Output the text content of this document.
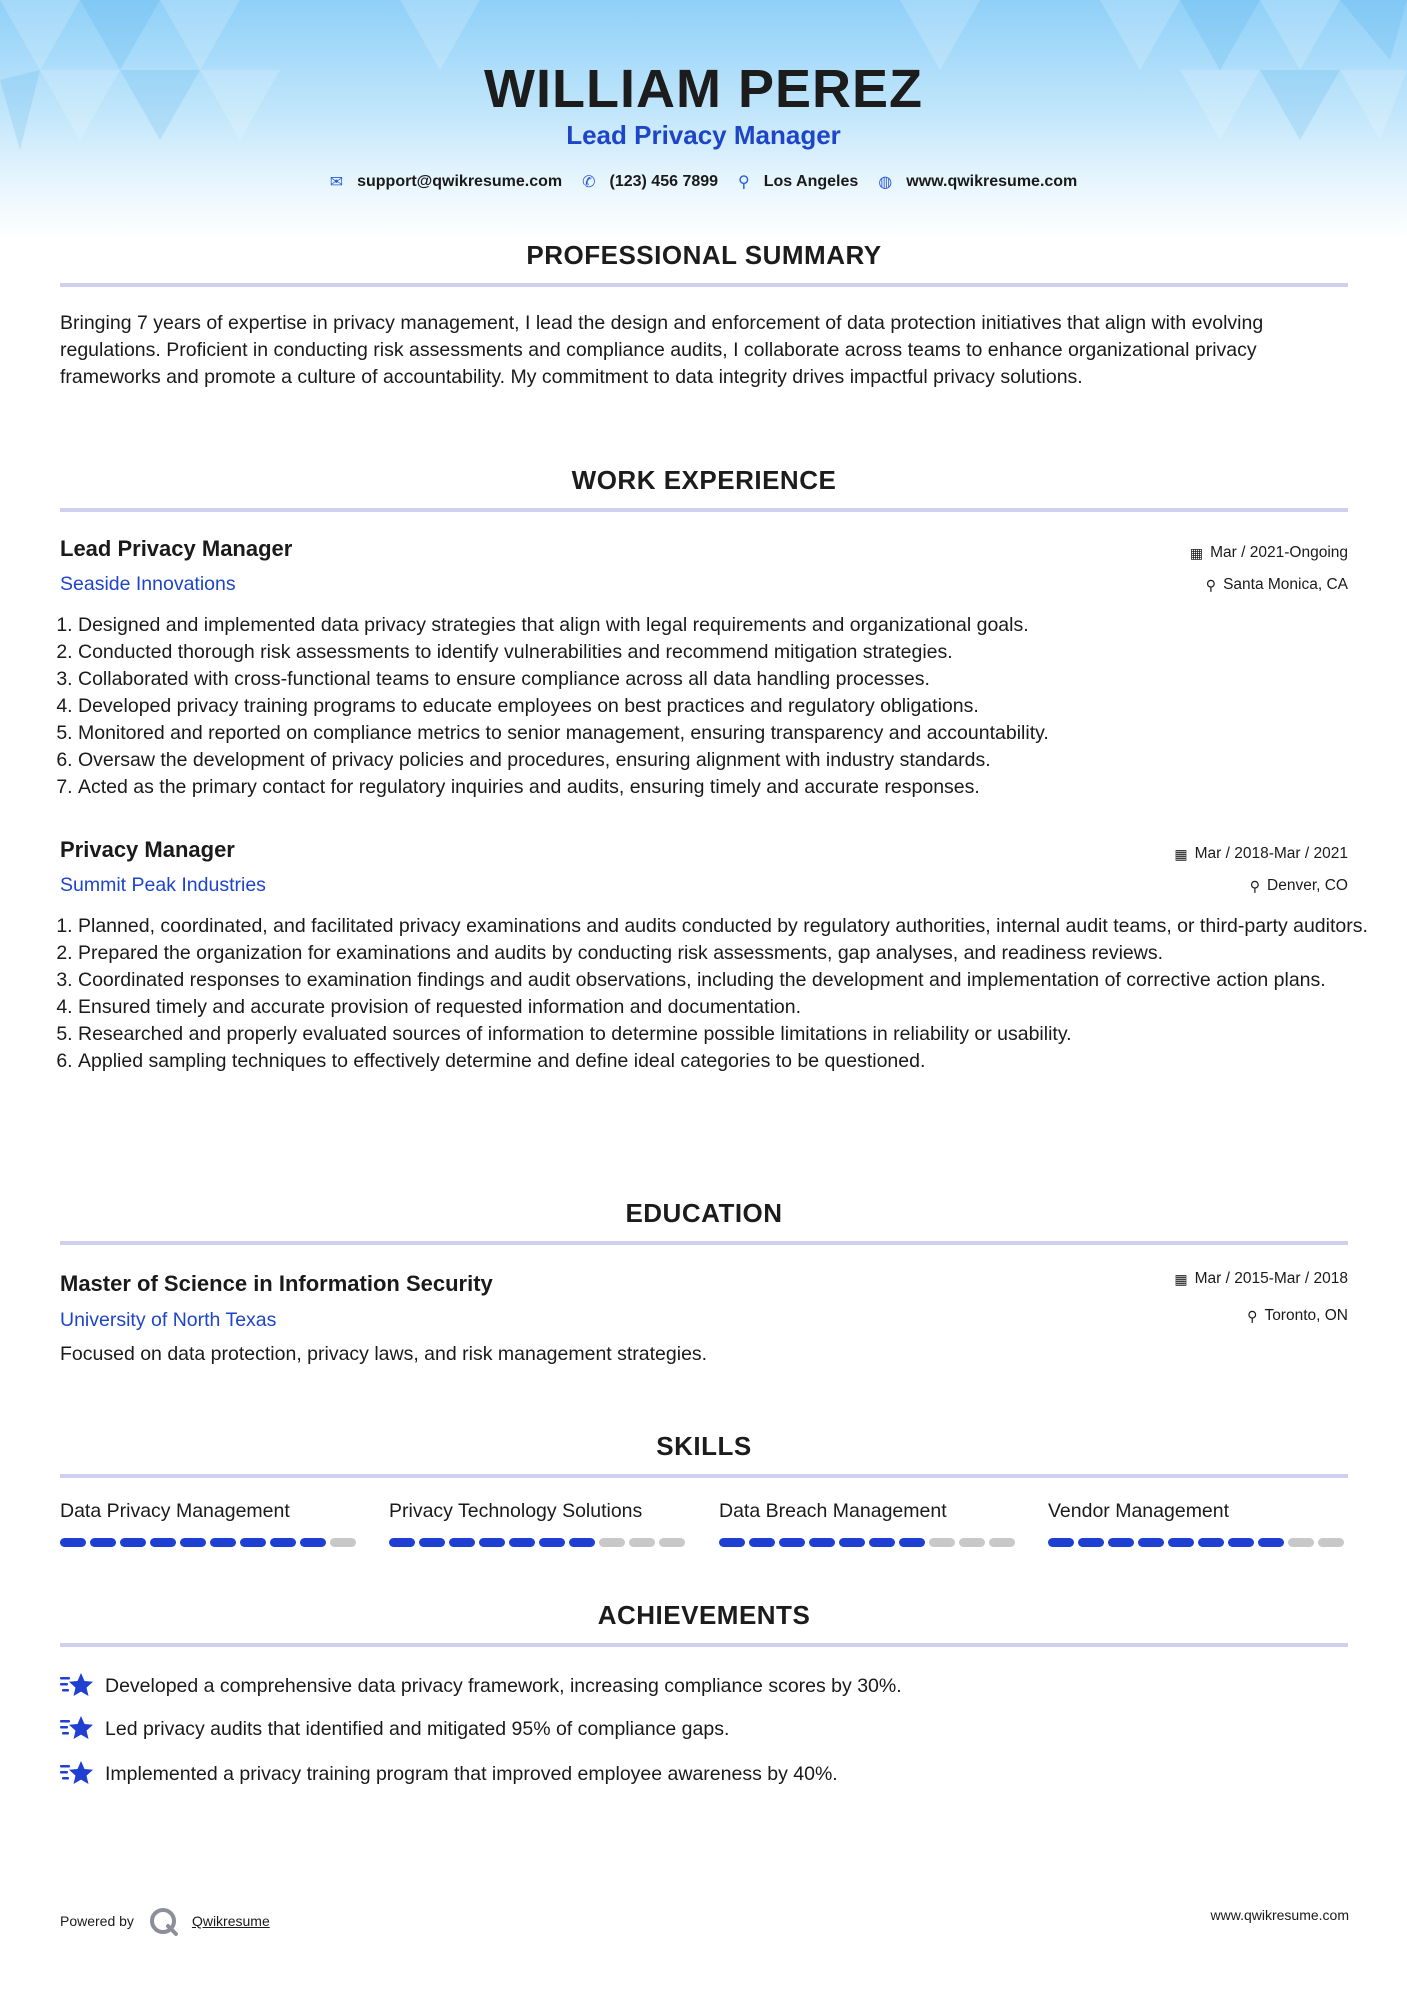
WILLIAM PEREZ
Lead Privacy Manager
✉ support@qwikresume.com ✆ (123) 456 7899 ⚲ Los Angeles ◍ www.qwikresume.com
PROFESSIONAL SUMMARY
Bringing 7 years of expertise in privacy management, I lead the design and enforcement of data protection initiatives that align with evolving regulations. Proficient in conducting risk assessments and compliance audits, I collaborate across teams to enhance organizational privacy frameworks and promote a culture of accountability. My commitment to data integrity drives impactful privacy solutions.
WORK EXPERIENCE
Lead Privacy Manager
Seaside Innovations
▦ Mar / 2021-Ongoing
⚲ Santa Monica, CA
1. Designed and implemented data privacy strategies that align with legal requirements and organizational goals.
2. Conducted thorough risk assessments to identify vulnerabilities and recommend mitigation strategies.
3. Collaborated with cross-functional teams to ensure compliance across all data handling processes.
4. Developed privacy training programs to educate employees on best practices and regulatory obligations.
5. Monitored and reported on compliance metrics to senior management, ensuring transparency and accountability.
6. Oversaw the development of privacy policies and procedures, ensuring alignment with industry standards.
7. Acted as the primary contact for regulatory inquiries and audits, ensuring timely and accurate responses.
Privacy Manager
Summit Peak Industries
▦ Mar / 2018-Mar / 2021
⚲ Denver, CO
1. Planned, coordinated, and facilitated privacy examinations and audits conducted by regulatory authorities, internal audit teams, or third-party auditors.
2. Prepared the organization for examinations and audits by conducting risk assessments, gap analyses, and readiness reviews.
3. Coordinated responses to examination findings and audit observations, including the development and implementation of corrective action plans.
4. Ensured timely and accurate provision of requested information and documentation.
5. Researched and properly evaluated sources of information to determine possible limitations in reliability or usability.
6. Applied sampling techniques to effectively determine and define ideal categories to be questioned.
EDUCATION
Master of Science in Information Security
University of North Texas
▦ Mar / 2015-Mar / 2018
⚲ Toronto, ON
Focused on data protection, privacy laws, and risk management strategies.
SKILLS
Data Privacy Management	Privacy Technology Solutions	Data Breach Management	Vendor Management
ACHIEVEMENTS
Developed a comprehensive data privacy framework, increasing compliance scores by 30%.
Led privacy audits that identified and mitigated 95% of compliance gaps.
Implemented a privacy training program that improved employee awareness by 40%.
Powered by	Qwikresume	www.qwikresume.com
